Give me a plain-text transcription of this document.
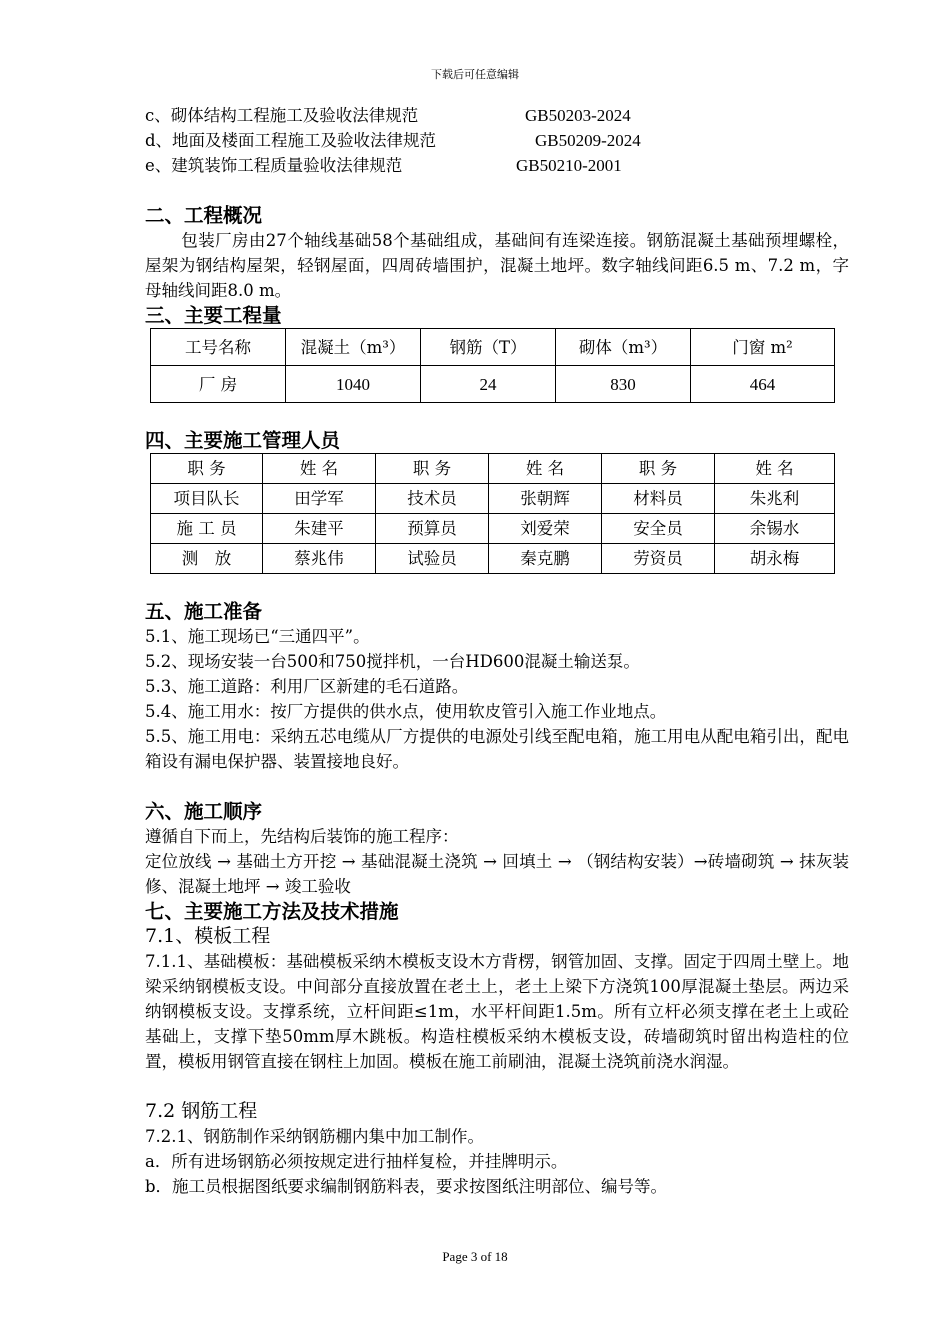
下载后可任意编辑
c、砌体结构工程施工及验收法律规范	GB50203-2024
d、地面及楼面工程施工及验收法律规范	GB50209-2024
e、建筑装饰工程质量验收法律规范	GB50210-2001
二、工程概况

包装厂房由27个轴线基础58个基础组成，基础间有连梁连接。钢筋混凝土基础预埋螺栓，屋架为钢结构屋架，轻钢屋面，四周砖墙围护，混凝土地坪。数字轴线间距6.5 m、7.2 m，字母轴线间距8.0 m。

三、主要工程量
工号名称	混凝土（m³）	钢筋（T）	砌体（m³）	门窗 m²
厂 房	1040	24	830	464
四、主要施工管理人员
职 务	姓 名	职 务	姓 名	职 务	姓 名
项目队长	田学军	技术员	张朝辉	材料员	朱兆利
施 工 员	朱建平	预算员	刘爱荣	安全员	余锡水
测　放	蔡兆伟	试验员	秦克鹏	劳资员	胡永梅
五、施工准备

5.1、施工现场已“三通四平”。

5.2、现场安装一台500和750搅拌机，一台HD600混凝土输送泵。

5.3、施工道路：利用厂区新建的毛石道路。

5.4、施工用水：按厂方提供的供水点，使用软皮管引入施工作业地点。

5.5、施工用电：采纳五芯电缆从厂方提供的电源处引线至配电箱，施工用电从配电箱引出，配电箱设有漏电保护器、装置接地良好。

六、施工顺序

遵循自下而上，先结构后装饰的施工程序：

定位放线 → 基础土方开挖 → 基础混凝土浇筑 → 回填土 → （钢结构安装）→砖墙砌筑 → 抹灰装修、混凝土地坪 → 竣工验收

七、主要施工方法及技术措施
7.1、模板工程

7.1.1、基础模板：基础模板采纳木模板支设木方背楞，钢管加固、支撑。固定于四周土壁上。地梁采纳钢模板支设。中间部分直接放置在老土上，老土上梁下方浇筑100厚混凝土垫层。两边采纳钢模板支设。支撑系统，立杆间距≤1m，水平杆间距1.5m。所有立杆必须支撑在老土上或砼基础上，支撑下垫50mm厚木跳板。构造柱模板采纳木模板支设，砖墙砌筑时留出构造柱的位置，模板用钢管直接在钢柱上加固。模板在施工前刷油，混凝土浇筑前浇水润湿。

7.2 钢筋工程

7.2.1、钢筋制作采纳钢筋棚内集中加工制作。

a．所有进场钢筋必须按规定进行抽样复检，并挂牌明示。

b．施工员根据图纸要求编制钢筋料表，要求按图纸注明部位、编号等。

Page 3 of 18
